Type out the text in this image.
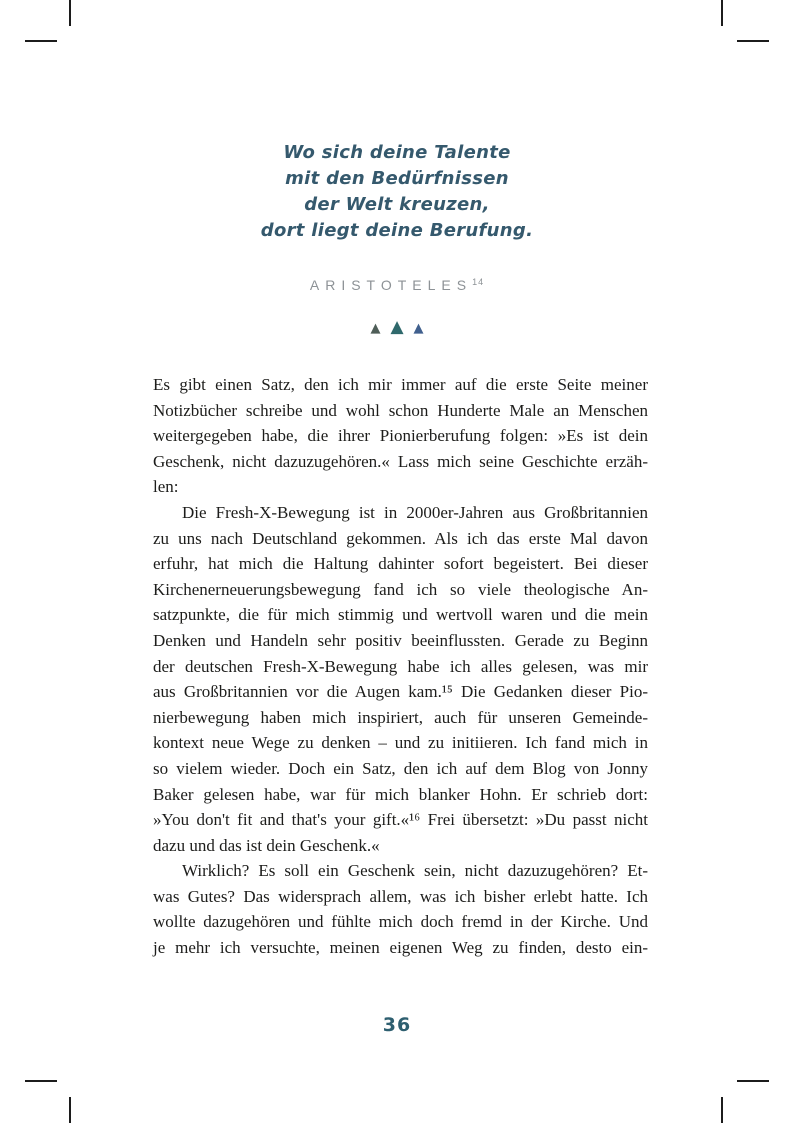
Wo sich deine Talente
mit den Bedürfnissen
der Welt kreuzen,
dort liegt deine Berufung.
ARISTOTELES$^{14}$
▲ ▲ ▲
Es gibt einen Satz, den ich mir immer auf die erste Seite meiner
Notizbücher schreibe und wohl schon Hunderte Male an Menschen
weitergegeben habe, die ihrer Pionierberufung folgen: »Es ist dein
Geschenk, nicht dazuzugehören.« Lass mich seine Geschichte erzäh-
len:
Die Fresh-X-Bewegung ist in 2000er-Jahren aus Großbritannien
zu uns nach Deutschland gekommen. Als ich das erste Mal davon
erfuhr, hat mich die Haltung dahinter sofort begeistert. Bei dieser
Kirchenerneuerungsbewegung fand ich so viele theologische An-
satzpunkte, die für mich stimmig und wertvoll waren und die mein
Denken und Handeln sehr positiv beeinflussten. Gerade zu Beginn
der deutschen Fresh-X-Bewegung habe ich alles gelesen, was mir
aus Großbritannien vor die Augen kam.¹⁵ Die Gedanken dieser Pio-
nierbewegung haben mich inspiriert, auch für unseren Gemeinde-
kontext neue Wege zu denken – und zu initiieren. Ich fand mich in
so vielem wieder. Doch ein Satz, den ich auf dem Blog von Jonny
Baker gelesen habe, war für mich blanker Hohn. Er schrieb dort:
»You don't fit and that's your gift.«¹⁶ Frei übersetzt: »Du passt nicht
dazu und das ist dein Geschenk.«
Wirklich? Es soll ein Geschenk sein, nicht dazuzugehören? Et-
was Gutes? Das widersprach allem, was ich bisher erlebt hatte. Ich
wollte dazugehören und fühlte mich doch fremd in der Kirche. Und
je mehr ich versuchte, meinen eigenen Weg zu finden, desto ein-
36
